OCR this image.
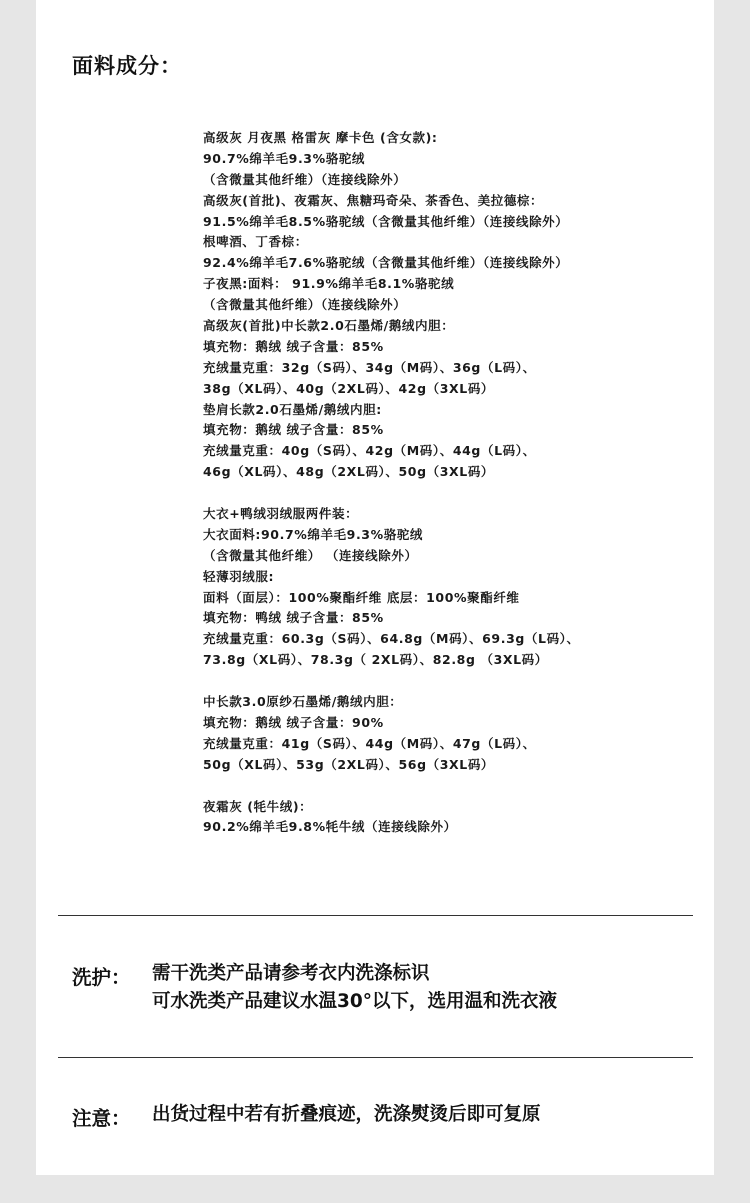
面料成分：
高级灰 月夜黑 格雷灰 摩卡色 (含女款):
90.7%绵羊毛9.3%骆驼绒
（含微量其他纤维）（连接线除外）
高级灰(首批)、夜霜灰、焦糖玛奇朵、茶香色、美拉德棕：
91.5%绵羊毛8.5%骆驼绒（含微量其他纤维）（连接线除外）
根啤酒、丁香棕：
92.4%绵羊毛7.6%骆驼绒（含微量其他纤维）（连接线除外）
子夜黑:面料： 91.9%绵羊毛8.1%骆驼绒
（含微量其他纤维）（连接线除外）
高级灰(首批)中长款2.0石墨烯/鹅绒内胆：
填充物：鹅绒 绒子含量：85%
充绒量克重：32g（S码）、34g（M码）、36g（L码）、
38g（XL码）、40g（2XL码）、42g（3XL码）
垫肩长款2.0石墨烯/鹅绒内胆:
填充物：鹅绒 绒子含量：85%
充绒量克重：40g（S码）、42g（M码）、44g（L码）、
46g（XL码）、48g（2XL码）、50g（3XL码）
大衣+鸭绒羽绒服两件装：
大衣面料:90.7%绵羊毛9.3%骆驼绒
（含微量其他纤维） （连接线除外）
轻薄羽绒服:
面料（面层）：100%聚酯纤维 底层：100%聚酯纤维
填充物：鸭绒 绒子含量：85%
充绒量克重：60.3g（S码）、64.8g（M码）、69.3g（L码）、
73.8g（XL码）、78.3g（ 2XL码）、82.8g （3XL码）
中长款3.0原纱石墨烯/鹅绒内胆：
填充物：鹅绒 绒子含量：90%
充绒量克重：41g（S码）、44g（M码）、47g（L码）、
50g（XL码）、53g（2XL码）、56g（3XL码）
夜霜灰 (牦牛绒)：
90.2%绵羊毛9.8%牦牛绒（连接线除外）
洗护： 需干洗类产品请参考衣内洗涤标识
可水洗类产品建议水温30°以下，选用温和洗衣液
注意： 出货过程中若有折叠痕迹，洗涤熨烫后即可复原
